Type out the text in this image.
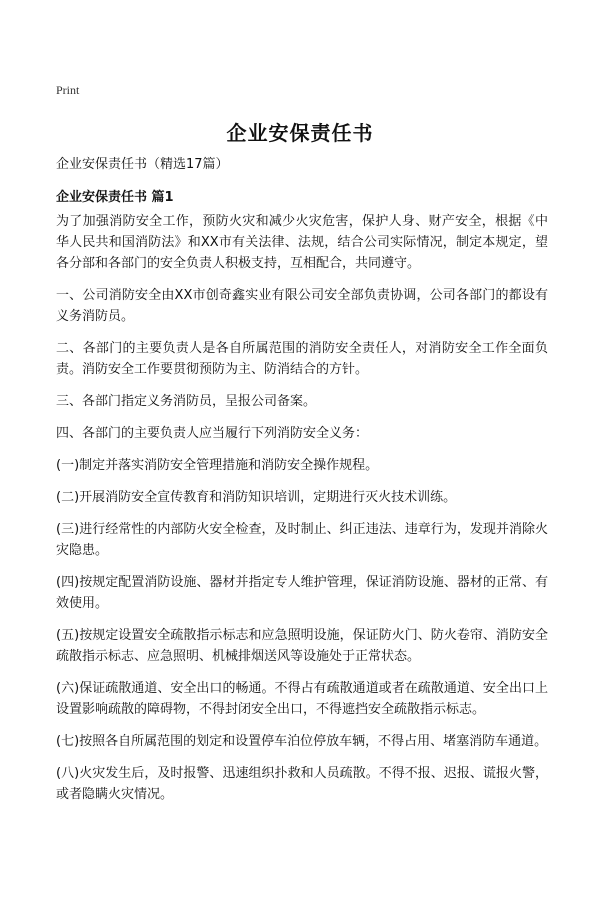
Print
企业安保责任书

企业安保责任书（精选17篇）

企业安保责任书 篇1

为了加强消防安全工作，预防火灾和减少火灾危害，保护人身、财产安全，根据《中华人民共和国消防法》和XX市有关法律、法规，结合公司实际情况，制定本规定，望各分部和各部门的安全负责人积极支持，互相配合，共同遵守。

一、公司消防安全由XX市创奇鑫实业有限公司安全部负责协调，公司各部门的都设有义务消防员。

二、各部门的主要负责人是各自所属范围的消防安全责任人，对消防安全工作全面负责。消防安全工作要贯彻预防为主、防消结合的方针。

三、各部门指定义务消防员，呈报公司备案。

四、各部门的主要负责人应当履行下列消防安全义务：

(一)制定并落实消防安全管理措施和消防安全操作规程。

(二)开展消防安全宣传教育和消防知识培训，定期进行灭火技术训练。

(三)进行经常性的内部防火安全检查，及时制止、纠正违法、违章行为，发现并消除火灾隐患。

(四)按规定配置消防设施、器材并指定专人维护管理，保证消防设施、器材的正常、有效使用。

(五)按规定设置安全疏散指示标志和应急照明设施，保证防火门、防火卷帘、消防安全疏散指示标志、应急照明、机械排烟送风等设施处于正常状态。

(六)保证疏散通道、安全出口的畅通。不得占有疏散通道或者在疏散通道、安全出口上设置影响疏散的障碍物，不得封闭安全出口，不得遮挡安全疏散指示标志。

(七)按照各自所属范围的划定和设置停车泊位停放车辆，不得占用、堵塞消防车通道。

(八)火灾发生后，及时报警、迅速组织扑救和人员疏散。不得不报、迟报、谎报火警，或者隐瞒火灾情况。
